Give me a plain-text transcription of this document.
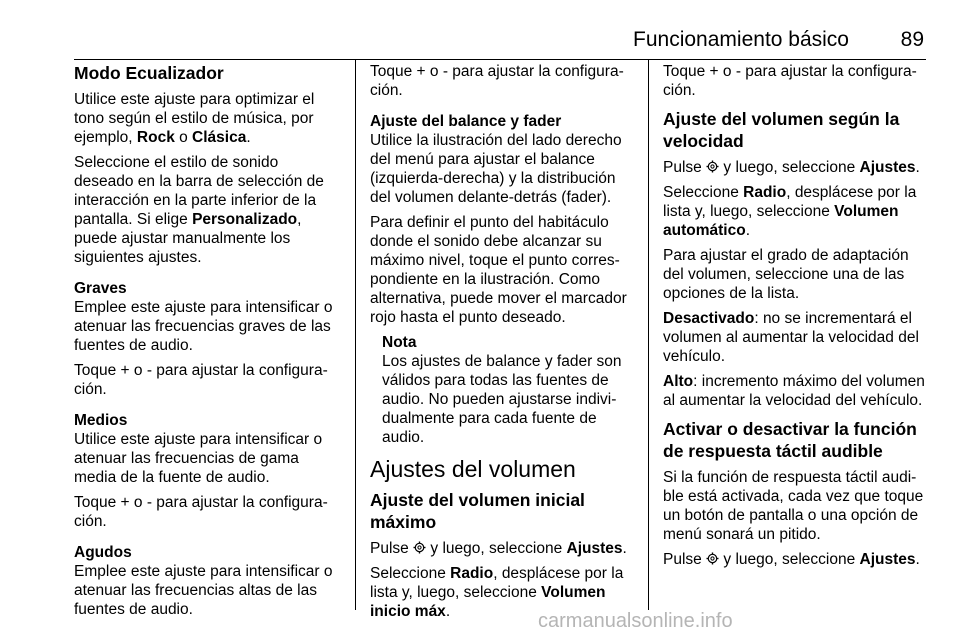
Funcionamiento básico 89
Modo Ecualizador

Utilice este ajuste para optimizar el tono según el estilo de música, por ejemplo, Rock o Clásica.

Seleccione el estilo de sonido deseado en la barra de selección de interacción en la parte inferior de la pantalla. Si elige Personalizado, puede ajustar manualmente los siguientes ajustes.

Graves

Emplee este ajuste para intensificar o atenuar las frecuencias graves de las fuentes de audio.

Toque + o - para ajustar la configura‐ción.

Medios

Utilice este ajuste para intensificar o atenuar las frecuencias de gama media de la fuente de audio.

Toque + o - para ajustar la configura‐ción.

Agudos

Emplee este ajuste para intensificar o atenuar las frecuencias altas de las fuentes de audio.

Toque + o - para ajustar la configura‐ción.

Ajuste del balance y fader

Utilice la ilustración del lado derecho del menú para ajustar el balance (izquierda-derecha) y la distribución del volumen delante-detrás (fader).

Para definir el punto del habitáculo donde el sonido debe alcanzar su máximo nivel, toque el punto corres‐pondiente en la ilustración. Como alternativa, puede mover el marcador rojo hasta el punto deseado.

Nota

Los ajustes de balance y fader son válidos para todas las fuentes de audio. No pueden ajustarse indivi‐dualmente para cada fuente de audio.

Ajustes del volumen
Ajuste del volumen inicial máximo

Pulse  y luego, seleccione Ajustes.

Seleccione Radio, desplácese por la lista y, luego, seleccione Volumen inicio máx.

Toque + o - para ajustar la configura‐ción.

Ajuste del volumen según la velocidad

Pulse  y luego, seleccione Ajustes.

Seleccione Radio, desplácese por la lista y, luego, seleccione Volumen automático.

Para ajustar el grado de adaptación del volumen, seleccione una de las opciones de la lista.

Desactivado: no se incrementará el volumen al aumentar la velocidad del vehículo.

Alto: incremento máximo del volumen al aumentar la velocidad del vehículo.

Activar o desactivar la función de respuesta táctil audible

Si la función de respuesta táctil audi‐ble está activada, cada vez que toque un botón de pantalla o una opción de menú sonará un pitido.

Pulse  y luego, seleccione Ajustes.

carmanualsonline.info
